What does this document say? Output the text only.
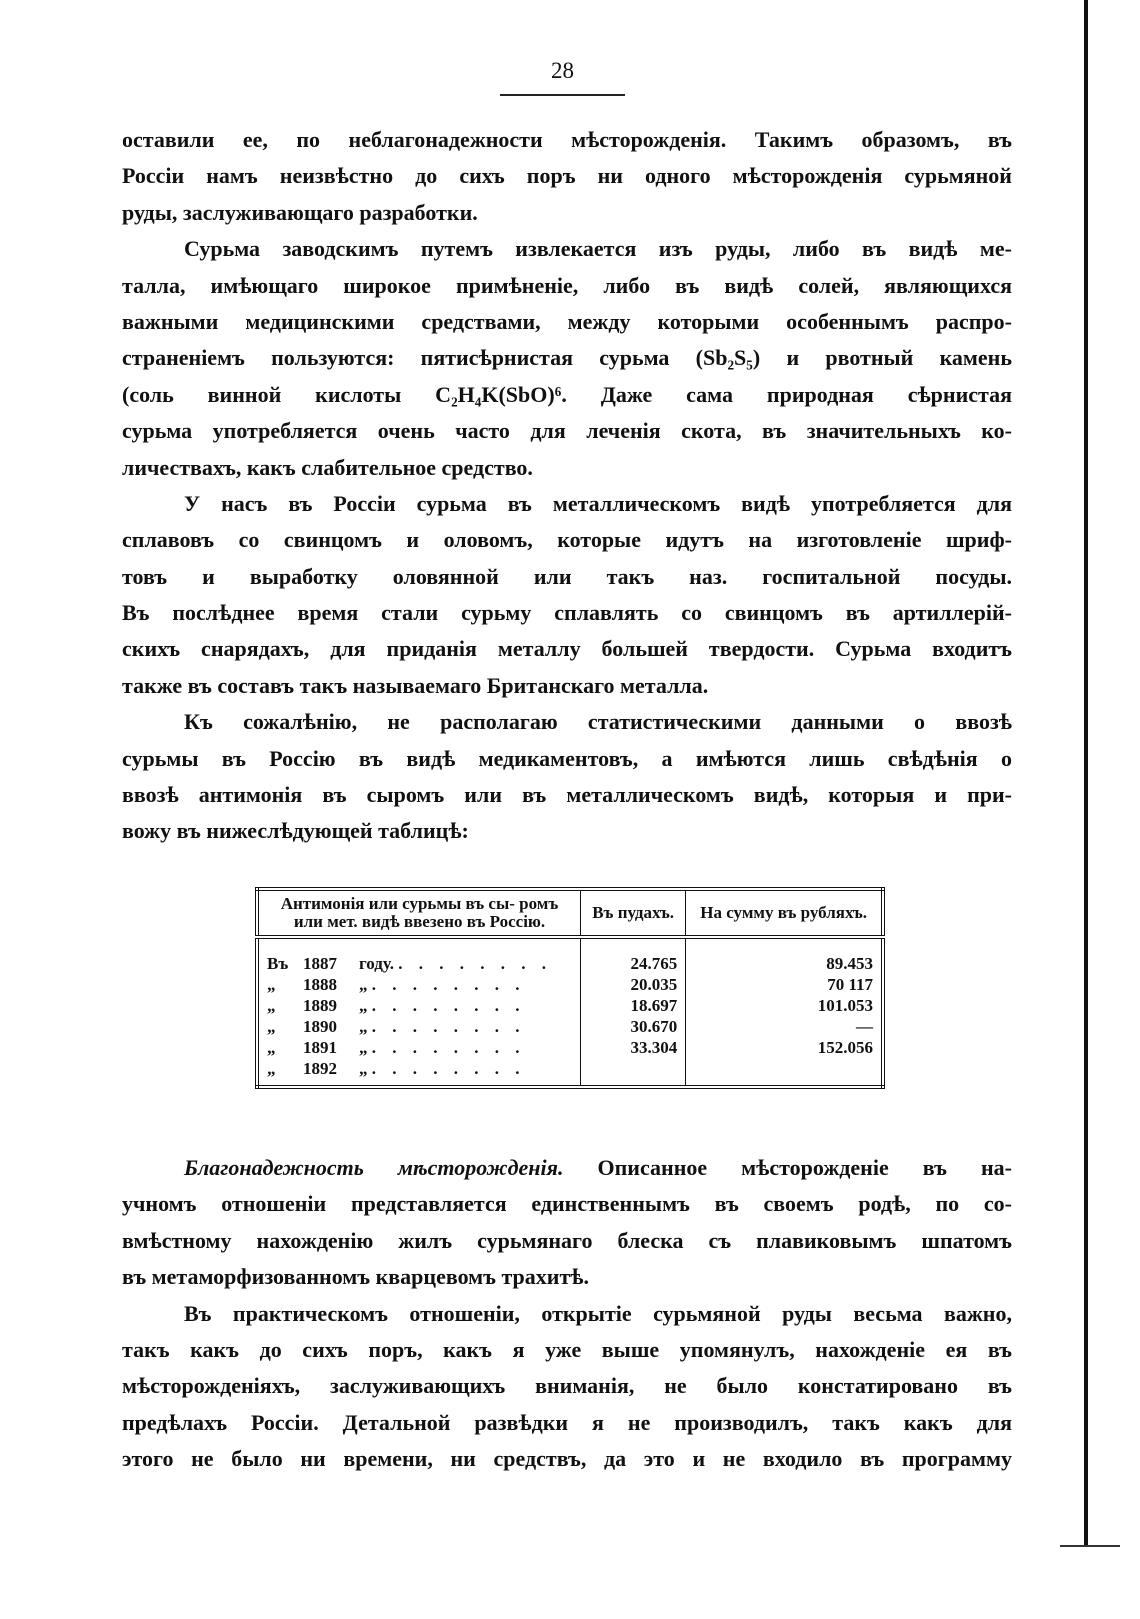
28
оставили ее, по неблагонадежности мѣсторожденія. Такимъ образомъ, въ
Россіи намъ неизвѣстно до сихъ поръ ни одного мѣсторожденія сурьмяной
руды, заслуживающаго разработки.
Сурьма заводскимъ путемъ извлекается изъ руды, либо въ видѣ ме-
талла, имѣющаго широкое примѣненіе, либо въ видѣ солей, являющихся
важными медицинскими средствами, между которыми особеннымъ распро-
страненіемъ пользуются: пятисѣрнистая сурьма (Sb₂S₅) и рвотный камень
(соль винной кислоты C₂H₄K(SbO)⁶. Даже сама природная сѣрнистая
сурьма употребляется очень часто для леченія скота, въ значительныхъ ко-
личествахъ, какъ слабительное средство.
У насъ въ Россіи сурьма въ металлическомъ видѣ употребляется для
сплавовъ со свинцомъ и оловомъ, которые идутъ на изготовленіе шриф-
товъ и выработку оловянной или такъ наз. госпитальной посуды.
Въ послѣднее время стали сурьму сплавлять со свинцомъ въ артиллерій-
скихъ снарядахъ, для приданія металлу большей твердости. Сурьма входитъ
также въ составъ такъ называемаго Британскаго металла.
Къ сожалѣнію, не располагаю статистическими данными о ввозѣ
сурьмы въ Россію въ видѣ медикаментовъ, а имѣются лишь свѣдѣнія о
ввозѣ антимонія въ сыромъ или въ металлическомъ видѣ, которыя и при-
вожу въ нижеслѣдующей таблицѣ:
Антимонія или сурьмы въ сы- ромъ или мет. видѣ ввезено въ Россію.	Въ пудахъ.	На сумму въ рубляхъ.
Въ 1887 году. . . . . . . . .	24.765	89.453
„ 1888 „ . . . . . . . .	20.035	70 117
„ 1889 „ . . . . . . . .	18.697	101.053
„ 1890 „ . . . . . . . .	30.670	—
„ 1891 „ . . . . . . . .	33.304	152.056
„ 1892 „ . . . . . . . .		
Благонадежность мѣсторожденія. Описанное мѣсторожденіе въ на-
учномъ отношеніи представляется единственнымъ въ своемъ родѣ, по со-
вмѣстному нахожденію жилъ сурьмянаго блеска съ плавиковымъ шпатомъ
въ метаморфизованномъ кварцевомъ трахитѣ.
Въ практическомъ отношеніи, открытіе сурьмяной руды весьма важно,
такъ какъ до сихъ поръ, какъ я уже выше упомянулъ, нахожденіе ея въ
мѣсторожденіяхъ, заслуживающихъ вниманія, не было констатировано въ
предѣлахъ Россіи. Детальной развѣдки я не производилъ, такъ какъ для
этого не было ни времени, ни средствъ, да это и не входило въ программу
